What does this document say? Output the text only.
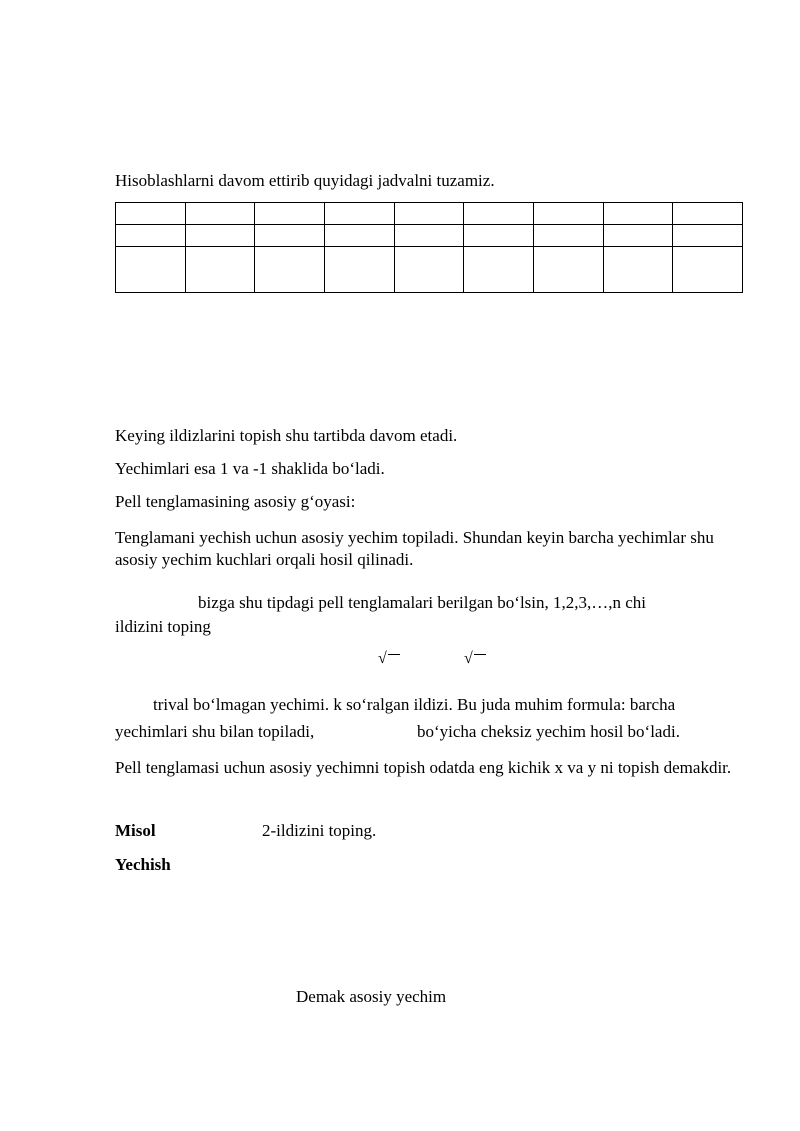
Hisoblashlarni davom ettirib quyidagi jadvalni tuzamiz.

Keying ildizlarini topish shu tartibda davom etadi.
Yechimlari esa 1 va -1 shaklida bo‘ladi.
Pell tenglamasining asosiy g‘oyasi:
Tenglamani yechish uchun asosiy yechim topiladi. Shundan keyin barcha yechimlar shu asosiy yechim kuchlari orqali hosil qilinadi.
bizga shu tipdagi pell tenglamalari berilgan bo‘lsin, 1,2,3,…,n chi
ildizini toping
√	√
trival bo‘lmagan yechimi. k so‘ralgan ildizi. Bu juda muhim formula: barcha
yechimlari shu bilan topiladi,	bo‘yicha cheksiz yechim hosil bo‘ladi.
Pell tenglamasi uchun asosiy yechimni topish odatda eng kichik x va y ni topish demakdir.
Misol	2-ildizini toping.
Yechish
Demak asosiy yechim
